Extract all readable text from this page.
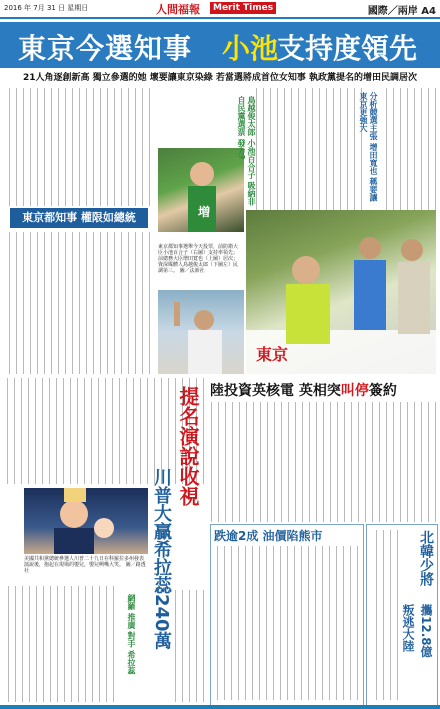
2016 年 7月 31 日 星期日	人間福報	Merit Times	國際／兩岸 A4
東京今選知事 小池
支持度領先
21人角逐創新高 獨立參選的她 壞要讓東京染綠 若當選將成首位女知事 執政黨提名的增田民調居次
東京都知事 權限如總統	増
東京都知事選舉今天投票，前防衛大臣小池百合子（右圖）支持率領先；前總務大臣增田寬也（上圖）居次；資深媒體人鳥越俊太郎（下圖左）民調第三。 圖／法新社
鳥越俊太郎 小池百合子 吸納非自民黨選票 發力?	分析競選主張 增田寬也 稱要讓東京更強大
東京
陸投資英核電 英相突叫停簽約
提名演說收視
川普大贏希拉蕊240萬
美國共和黨總統參選人川普二十九日在科羅拉多州發表演說後，抱起在現場的嬰兒，嬰兒咧嘴大笑。 圖／路透社
網羅 推廣 對手 希拉蕊
跌逾2成 油價陷熊市	北韓少將
攜12.8億
叛逃大陸
